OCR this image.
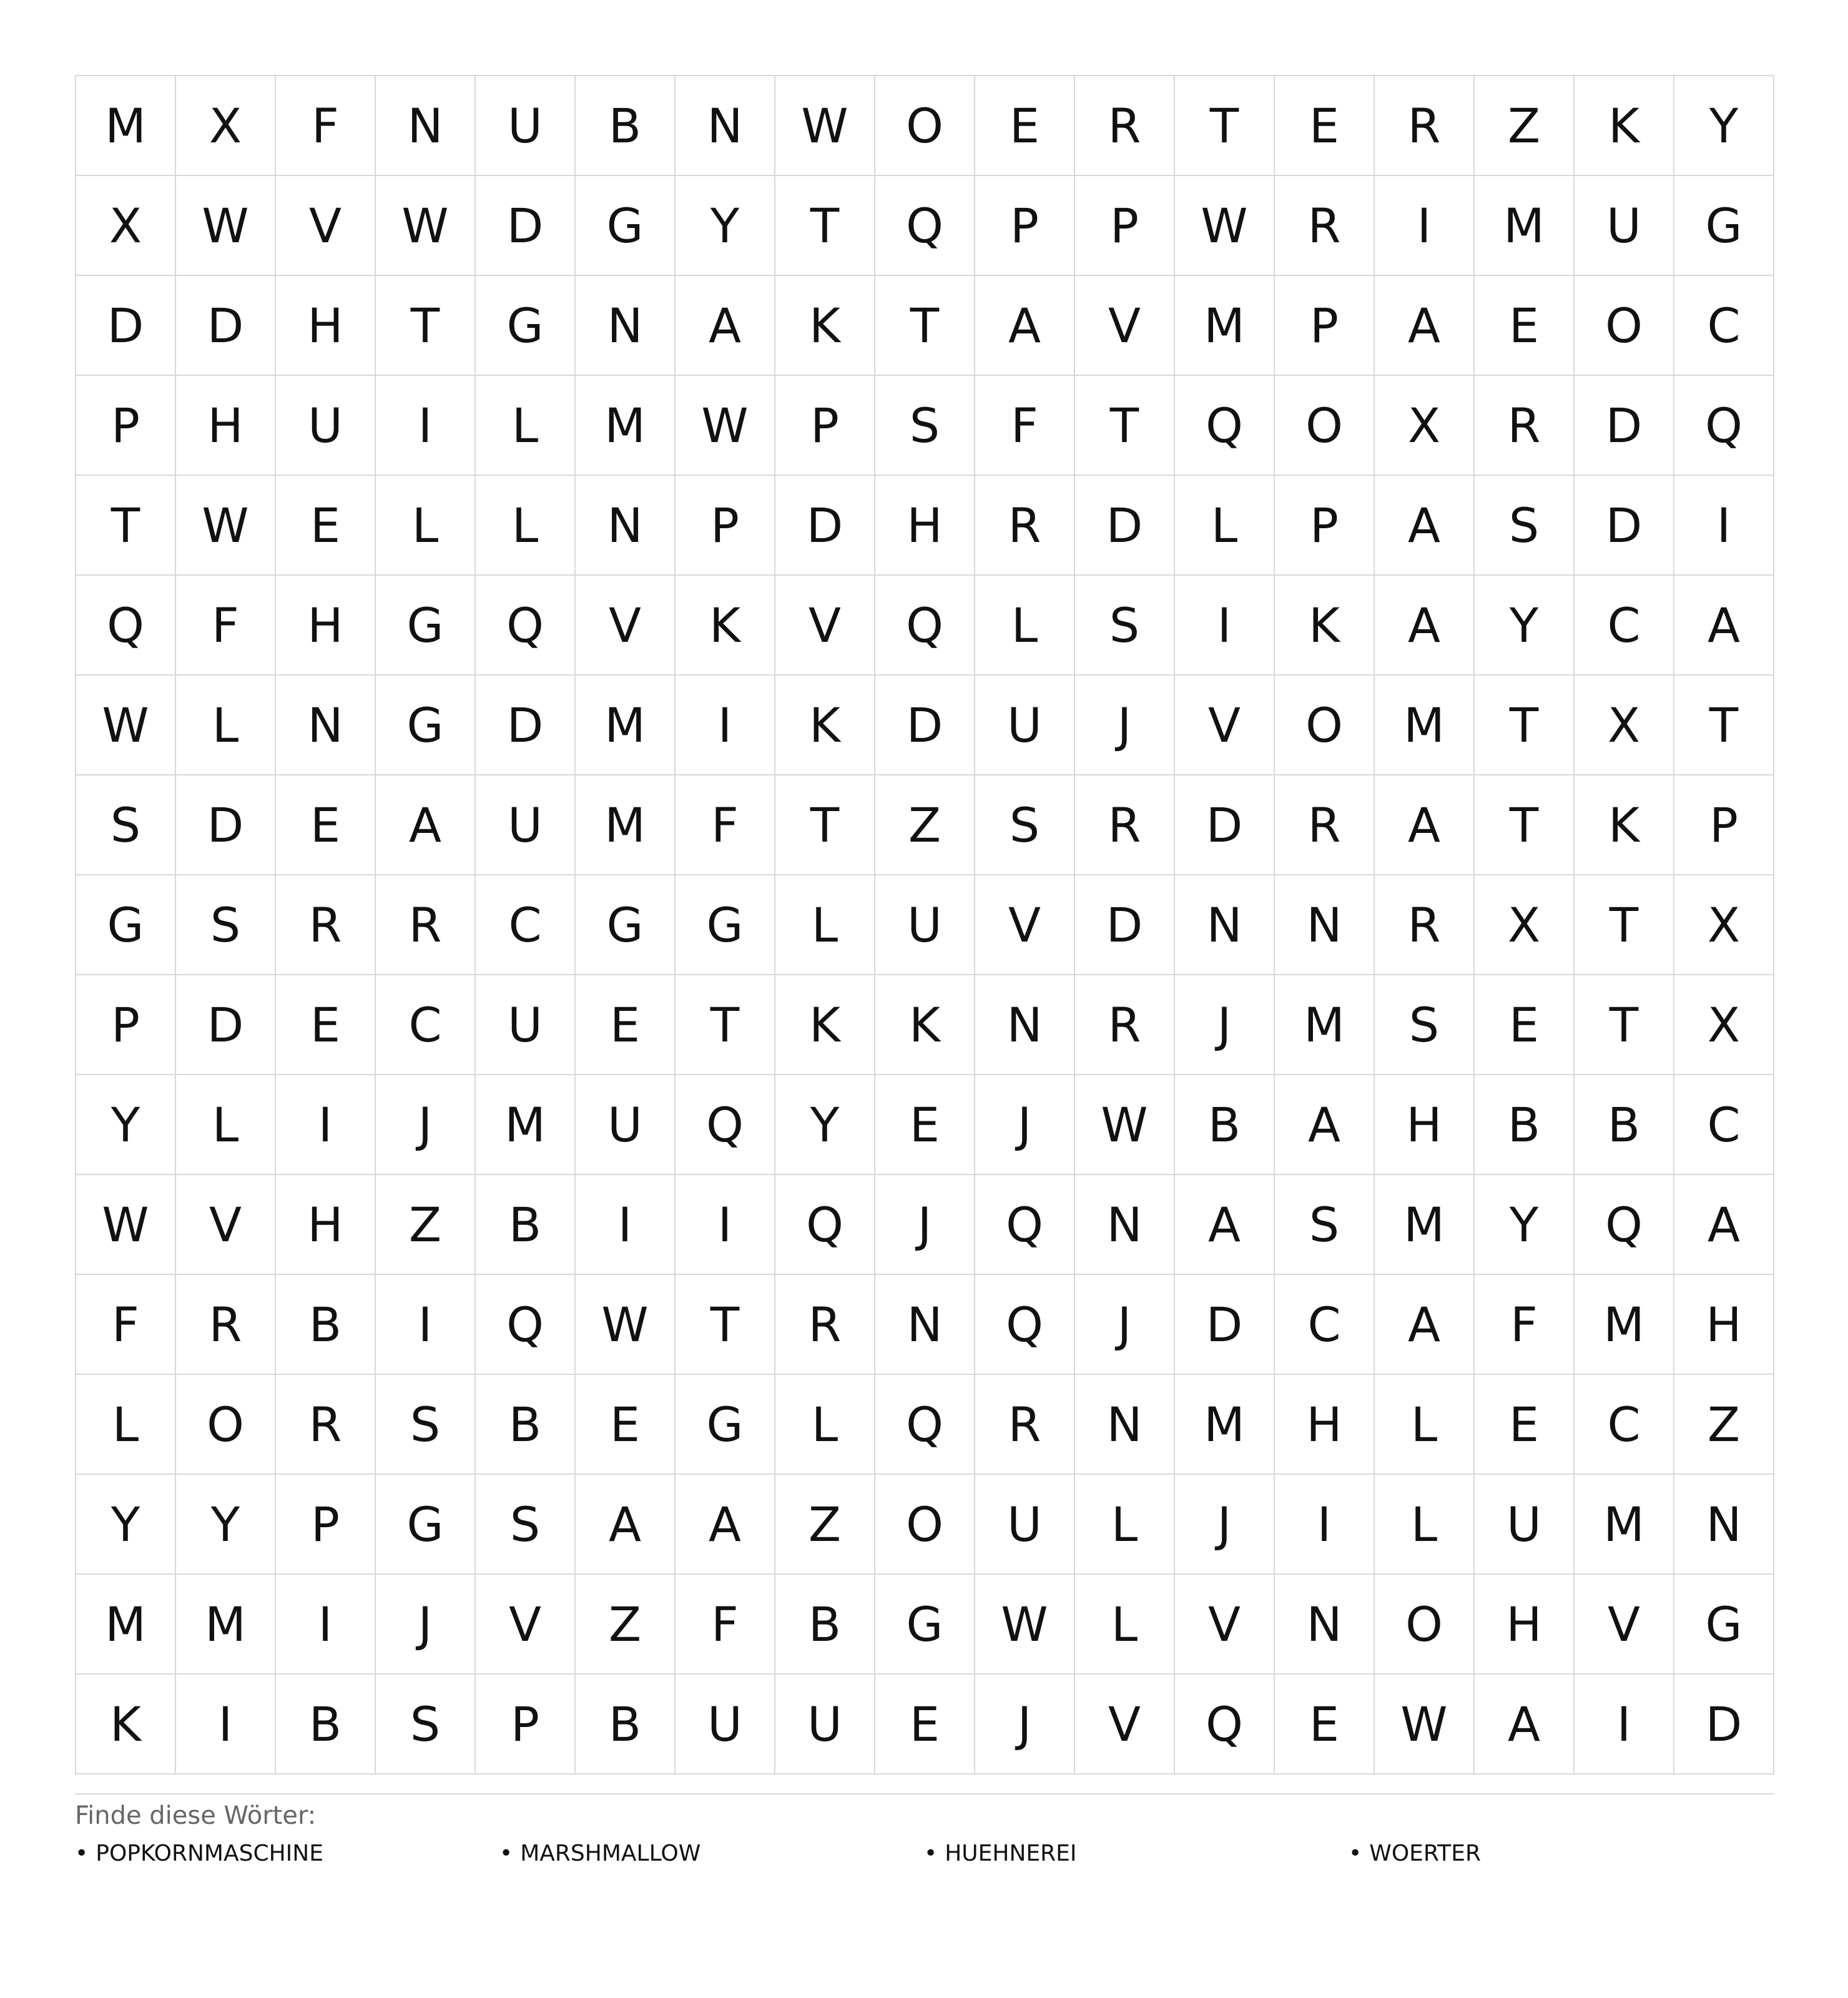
M	X	F	N	U	B	N	W	O	E	R	T	E	R	Z	K	Y
X	W	V	W	D	G	Y	T	Q	P	P	W	R	I	M	U	G
D	D	H	T	G	N	A	K	T	A	V	M	P	A	E	O	C
P	H	U	I	L	M	W	P	S	F	T	Q	O	X	R	D	Q
T	W	E	L	L	N	P	D	H	R	D	L	P	A	S	D	I
Q	F	H	G	Q	V	K	V	Q	L	S	I	K	A	Y	C	A
W	L	N	G	D	M	I	K	D	U	J	V	O	M	T	X	T
S	D	E	A	U	M	F	T	Z	S	R	D	R	A	T	K	P
G	S	R	R	C	G	G	L	U	V	D	N	N	R	X	T	X
P	D	E	C	U	E	T	K	K	N	R	J	M	S	E	T	X
Y	L	I	J	M	U	Q	Y	E	J	W	B	A	H	B	B	C
W	V	H	Z	B	I	I	Q	J	Q	N	A	S	M	Y	Q	A
F	R	B	I	Q	W	T	R	N	Q	J	D	C	A	F	M	H
L	O	R	S	B	E	G	L	Q	R	N	M	H	L	E	C	Z
Y	Y	P	G	S	A	A	Z	O	U	L	J	I	L	U	M	N
M	M	I	J	V	Z	F	B	G	W	L	V	N	O	H	V	G
K	I	B	S	P	B	U	U	E	J	V	Q	E	W	A	I	D
Finde diese Wörter:
• POPKORNMASCHINE	• MARSHMALLOW	• HUEHNEREI	• WOERTER
